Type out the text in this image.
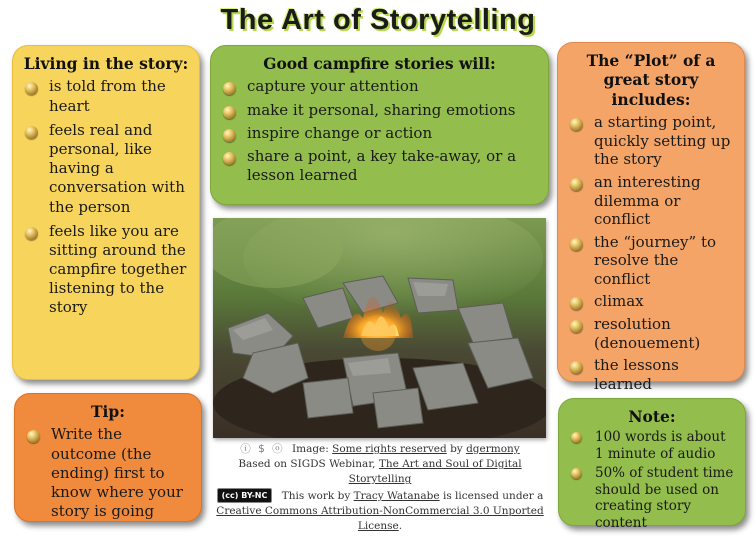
The Art of Storytelling
Living in the story:
is told from the heart
feels real and personal, like having a conversation with the person
feels like you are sitting around the campfire together listening to the story
Good campfire stories will:
capture your attention
make it personal, sharing emotions
inspire change or action
share a point, a key take-away, or a lesson learned
The “Plot” of a great story includes:
a starting point, quickly setting up the story
an interesting dilemma or conflict
the “journey” to resolve the conflict
climax
resolution (denouement)
the lessons learned
Tip:
Write the outcome (the ending) first to know where your story is going
Note:
100 words is about 1 minute of audio
50% of student time should be used on creating story content
ⓘ $ ⓞ Image: Some rights reserved by dgermony
Based on SIGDS Webinar, The Art and Soul of Digital Storytelling
(cc) BY-NC This work by Tracy Watanabe is licensed under a
Creative Commons Attribution-NonCommercial 3.0 Unported License.
